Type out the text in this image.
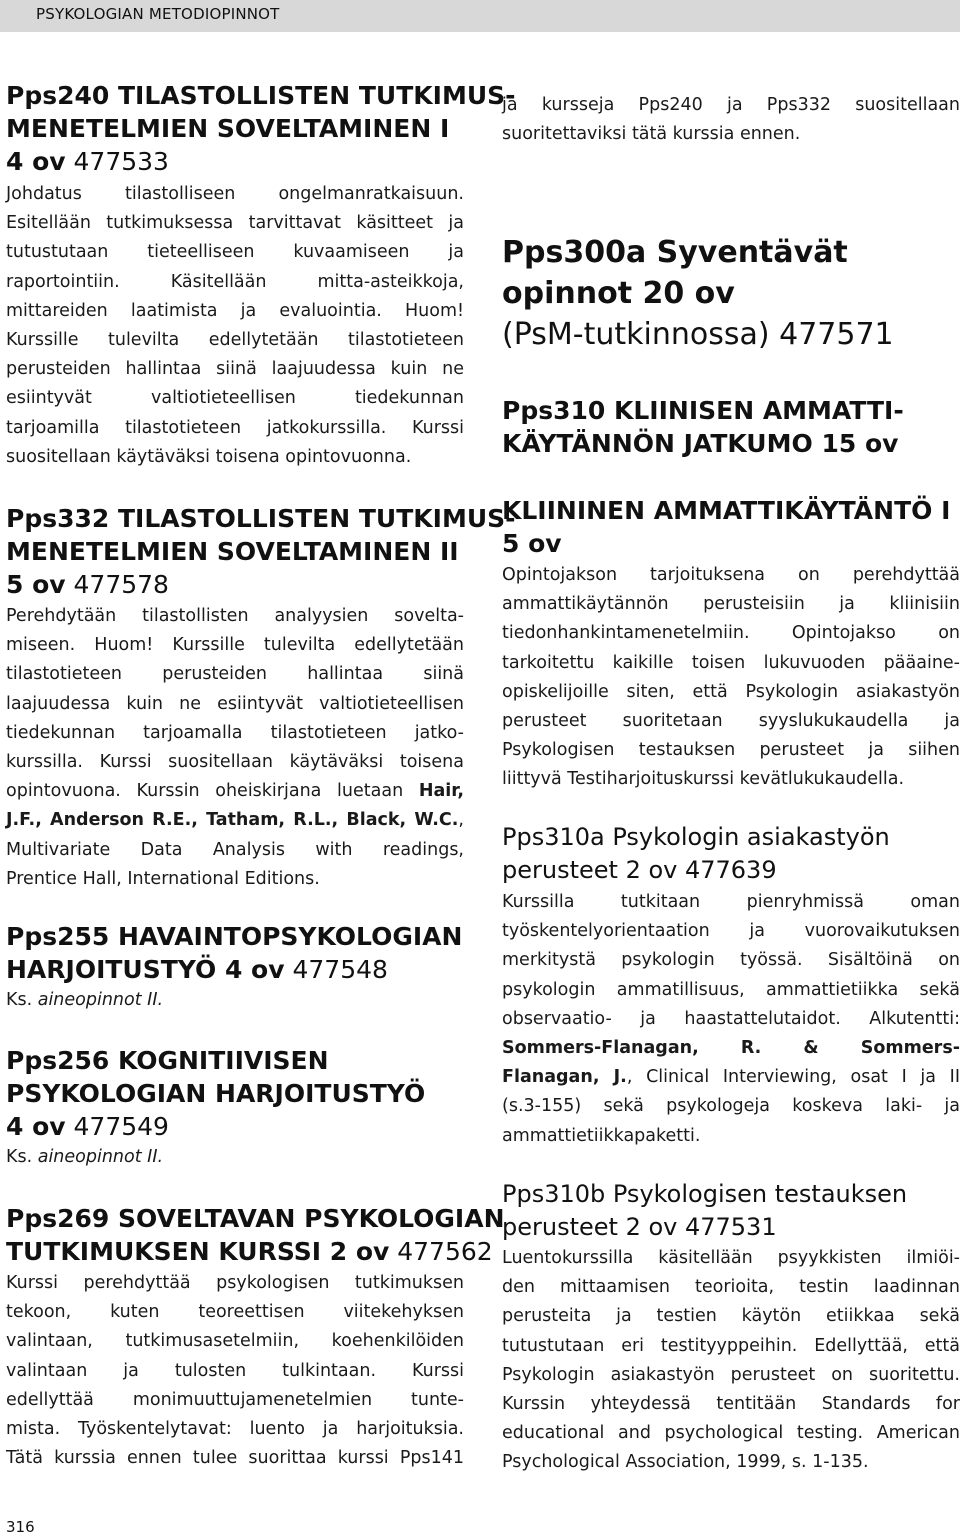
PSYKOLOGIAN METODIOPINNOT

Pps240 TILASTOLLISTEN TUTKIMUS-
MENETELMIEN SOVELTAMINEN I
4 ov 477533
Johdatus tilastolliseen ongelmanratkaisuun.
Esitellään tutkimuksessa tarvittavat käsitteet ja
tutustutaan tieteelliseen kuvaamiseen ja
raportointiin. Käsitellään mitta-asteikkoja,
mittareiden laatimista ja evaluointia. Huom!
Kurssille tulevilta edellytetään tilastotieteen
perusteiden hallintaa siinä laajuudessa kuin ne
esiintyvät valtiotieteellisen tiedekunnan
tarjoamilla tilastotieteen jatkokurssilla. Kurssi
suositellaan käytäväksi toisena opintovuonna.
Pps332 TILASTOLLISTEN TUTKIMUS-
MENETELMIEN SOVELTAMINEN II
5 ov 477578
Perehdytään tilastollisten analyysien sovelta-
miseen. Huom! Kurssille tulevilta edellytetään
tilastotieteen perusteiden hallintaa siinä
laajuudessa kuin ne esiintyvät valtiotieteellisen
tiedekunnan tarjoamalla tilastotieteen jatko-
kurssilla. Kurssi suositellaan käytäväksi toisena
opintovuona. Kurssin oheiskirjana luetaan Hair,
J.F., Anderson R.E., Tatham, R.L., Black, W.C.,
Multivariate Data Analysis with readings,
Prentice Hall, International Editions.
Pps255 HAVAINTOPSYKOLOGIAN
HARJOITUSTYÖ 4 ov 477548
Ks. aineopinnot II.
Pps256 KOGNITIIVISEN
PSYKOLOGIAN HARJOITUSTYÖ
4 ov 477549
Ks. aineopinnot II.
Pps269 SOVELTAVAN PSYKOLOGIAN
TUTKIMUKSEN KURSSI 2 ov 477562
Kurssi perehdyttää psykologisen tutkimuksen
tekoon, kuten teoreettisen viitekehyksen
valintaan, tutkimusasetelmiin, koehenkilöiden
valintaan ja tulosten tulkintaan. Kurssi
edellyttää monimuuttujamenetelmien tunte-
mista. Työskentelytavat: luento ja harjoituksia.
Tätä kurssia ennen tulee suorittaa kurssi Pps141
ja kursseja Pps240 ja Pps332 suositellaan
suoritettaviksi tätä kurssia ennen.
Pps300a Syventävät
opinnot 20 ov
(PsM-tutkinnossa) 477571
Pps310 KLIINISEN AMMATTI-
KÄYTÄNNÖN JATKUMO 15 ov
KLIININEN AMMATTIKÄYTÄNTÖ I
5 ov
Opintojakson tarjoituksena on perehdyttää
ammattikäytännön perusteisiin ja kliinisiin
tiedonhankintamenetelmiin. Opintojakso on
tarkoitettu kaikille toisen lukuvuoden pääaine-
opiskelijoille siten, että Psykologin asiakastyön
perusteet suoritetaan syyslukukaudella ja
Psykologisen testauksen perusteet ja siihen
liittyvä Testiharjoituskurssi kevätlukukaudella.
Pps310a Psykologin asiakastyön
perusteet 2 ov 477639
Kurssilla tutkitaan pienryhmissä oman
työskentelyorientaation ja vuorovaikutuksen
merkitystä psykologin työssä. Sisältöinä on
psykologin ammatillisuus, ammattietiikka sekä
observaatio- ja haastattelutaidot. Alkutentti:
Sommers-Flanagan, R. & Sommers-
Flanagan, J., Clinical Interviewing, osat I ja II
(s.3-155) sekä psykologeja koskeva laki- ja
ammattietiikkapaketti.
Pps310b Psykologisen testauksen
perusteet 2 ov 477531
Luentokurssilla käsitellään psyykkisten ilmiöi-
den mittaamisen teorioita, testin laadinnan
perusteita ja testien käytön etiikkaa sekä
tutustutaan eri testityyppeihin. Edellyttää, että
Psykologin asiakastyön perusteet on suoritettu.
Kurssin yhteydessä tentitään Standards for
educational and psychological testing. American
Psychological Association, 1999, s. 1-135.
316
